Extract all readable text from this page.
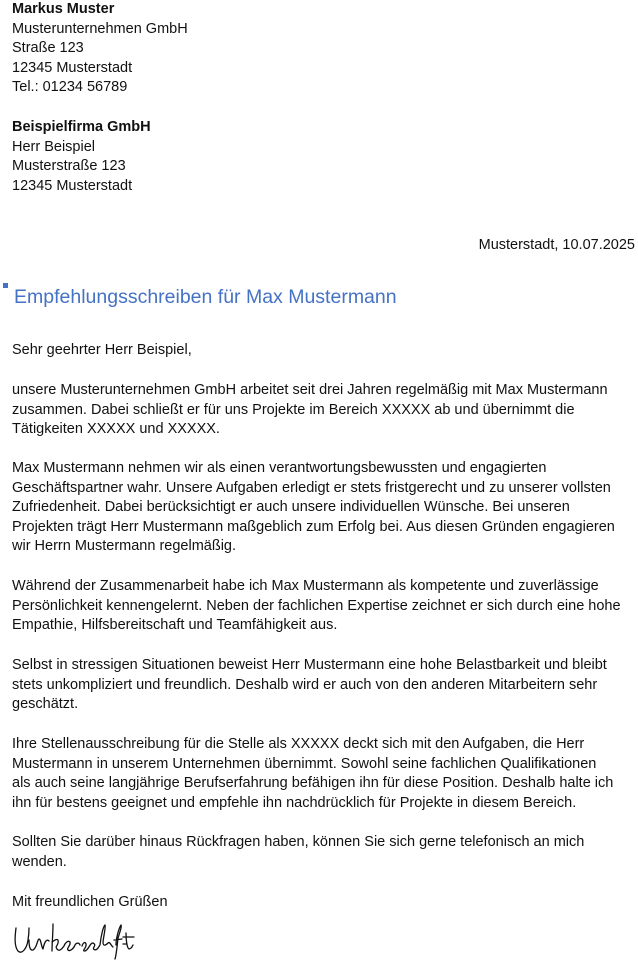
Markus Muster
Musterunternehmen GmbH
Straße 123
12345 Musterstadt
Tel.: 01234 56789
Beispielfirma GmbH
Herr Beispiel
Musterstraße 123
12345 Musterstadt
Musterstadt, 10.07.2025
Empfehlungsschreiben für Max Mustermann
Sehr geehrter Herr Beispiel,
unsere Musterunternehmen GmbH arbeitet seit drei Jahren regelmäßig mit Max Mustermann
zusammen. Dabei schließt er für uns Projekte im Bereich XXXXX ab und übernimmt die
Tätigkeiten XXXXX und XXXXX.
Max Mustermann nehmen wir als einen verantwortungsbewussten und engagierten
Geschäftspartner wahr. Unsere Aufgaben erledigt er stets fristgerecht und zu unserer vollsten
Zufriedenheit. Dabei berücksichtigt er auch unsere individuellen Wünsche. Bei unseren
Projekten trägt Herr Mustermann maßgeblich zum Erfolg bei. Aus diesen Gründen engagieren
wir Herrn Mustermann regelmäßig.
Während der Zusammenarbeit habe ich Max Mustermann als kompetente und zuverlässige
Persönlichkeit kennengelernt. Neben der fachlichen Expertise zeichnet er sich durch eine hohe
Empathie, Hilfsbereitschaft und Teamfähigkeit aus.
Selbst in stressigen Situationen beweist Herr Mustermann eine hohe Belastbarkeit und bleibt
stets unkompliziert und freundlich. Deshalb wird er auch von den anderen Mitarbeitern sehr
geschätzt.
Ihre Stellenausschreibung für die Stelle als XXXXX deckt sich mit den Aufgaben, die Herr
Mustermann in unserem Unternehmen übernimmt. Sowohl seine fachlichen Qualifikationen
als auch seine langjährige Berufserfahrung befähigen ihn für diese Position. Deshalb halte ich
ihn für bestens geeignet und empfehle ihn nachdrücklich für Projekte in diesem Bereich.
Sollten Sie darüber hinaus Rückfragen haben, können Sie sich gerne telefonisch an mich
wenden.
Mit freundlichen Grüßen
